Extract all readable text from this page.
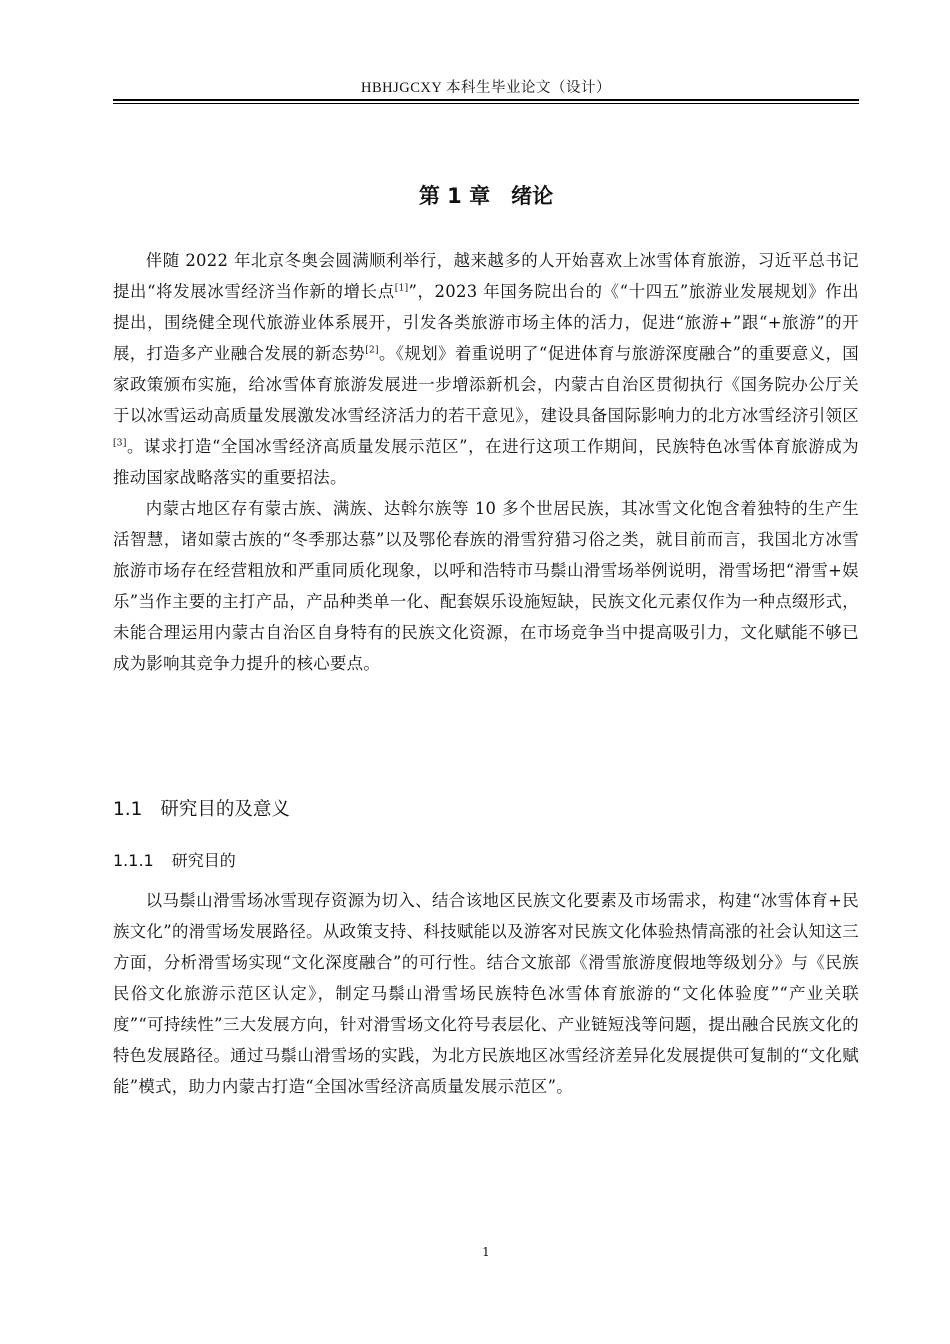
HBHJGCXY 本科生毕业论文（设计）
第 1 章　绪论

伴随 2022 年北京冬奥会圆满顺利举行，越来越多的人开始喜欢上冰雪体育旅游，习近平总书记提出“将发展冰雪经济当作新的增长点[1]”，2023 年国务院出台的《“十四五”旅游业发展规划》作出提出，围绕健全现代旅游业体系展开，引发各类旅游市场主体的活力，促进“旅游+”跟“+旅游”的开展，打造多产业融合发展的新态势[2]。《规划》着重说明了“促进体育与旅游深度融合”的重要意义，国家政策颁布实施，给冰雪体育旅游发展进一步增添新机会，内蒙古自治区贯彻执行《国务院办公厅关于以冰雪运动高质量发展激发冰雪经济活力的若干意见》，建设具备国际影响力的北方冰雪经济引领区[3]。谋求打造“全国冰雪经济高质量发展示范区”，在进行这项工作期间，民族特色冰雪体育旅游成为推动国家战略落实的重要招法。

内蒙古地区存有蒙古族、满族、达斡尔族等 10 多个世居民族，其冰雪文化饱含着独特的生产生活智慧，诸如蒙古族的“冬季那达慕”以及鄂伦春族的滑雪狩猎习俗之类，就目前而言，我国北方冰雪旅游市场存在经营粗放和严重同质化现象，以呼和浩特市马鬃山滑雪场举例说明，滑雪场把“滑雪+娱乐”当作主要的主打产品，产品种类单一化、配套娱乐设施短缺，民族文化元素仅作为一种点缀形式，未能合理运用内蒙古自治区自身特有的民族文化资源，在市场竞争当中提高吸引力，文化赋能不够已成为影响其竞争力提升的核心要点。

1.1 研究目的及意义
1.1.1 研究目的

以马鬃山滑雪场冰雪现存资源为切入、结合该地区民族文化要素及市场需求，构建“冰雪体育+民族文化”的滑雪场发展路径。从政策支持、科技赋能以及游客对民族文化体验热情高涨的社会认知这三方面，分析滑雪场实现“文化深度融合”的可行性。结合文旅部《滑雪旅游度假地等级划分》与《民族民俗文化旅游示范区认定》，制定马鬃山滑雪场民族特色冰雪体育旅游的“文化体验度”“产业关联度”“可持续性”三大发展方向，针对滑雪场文化符号表层化、产业链短浅等问题，提出融合民族文化的特色发展路径。通过马鬃山滑雪场的实践，为北方民族地区冰雪经济差异化发展提供可复制的“文化赋能”模式，助力内蒙古打造“全国冰雪经济高质量发展示范区”。

1
